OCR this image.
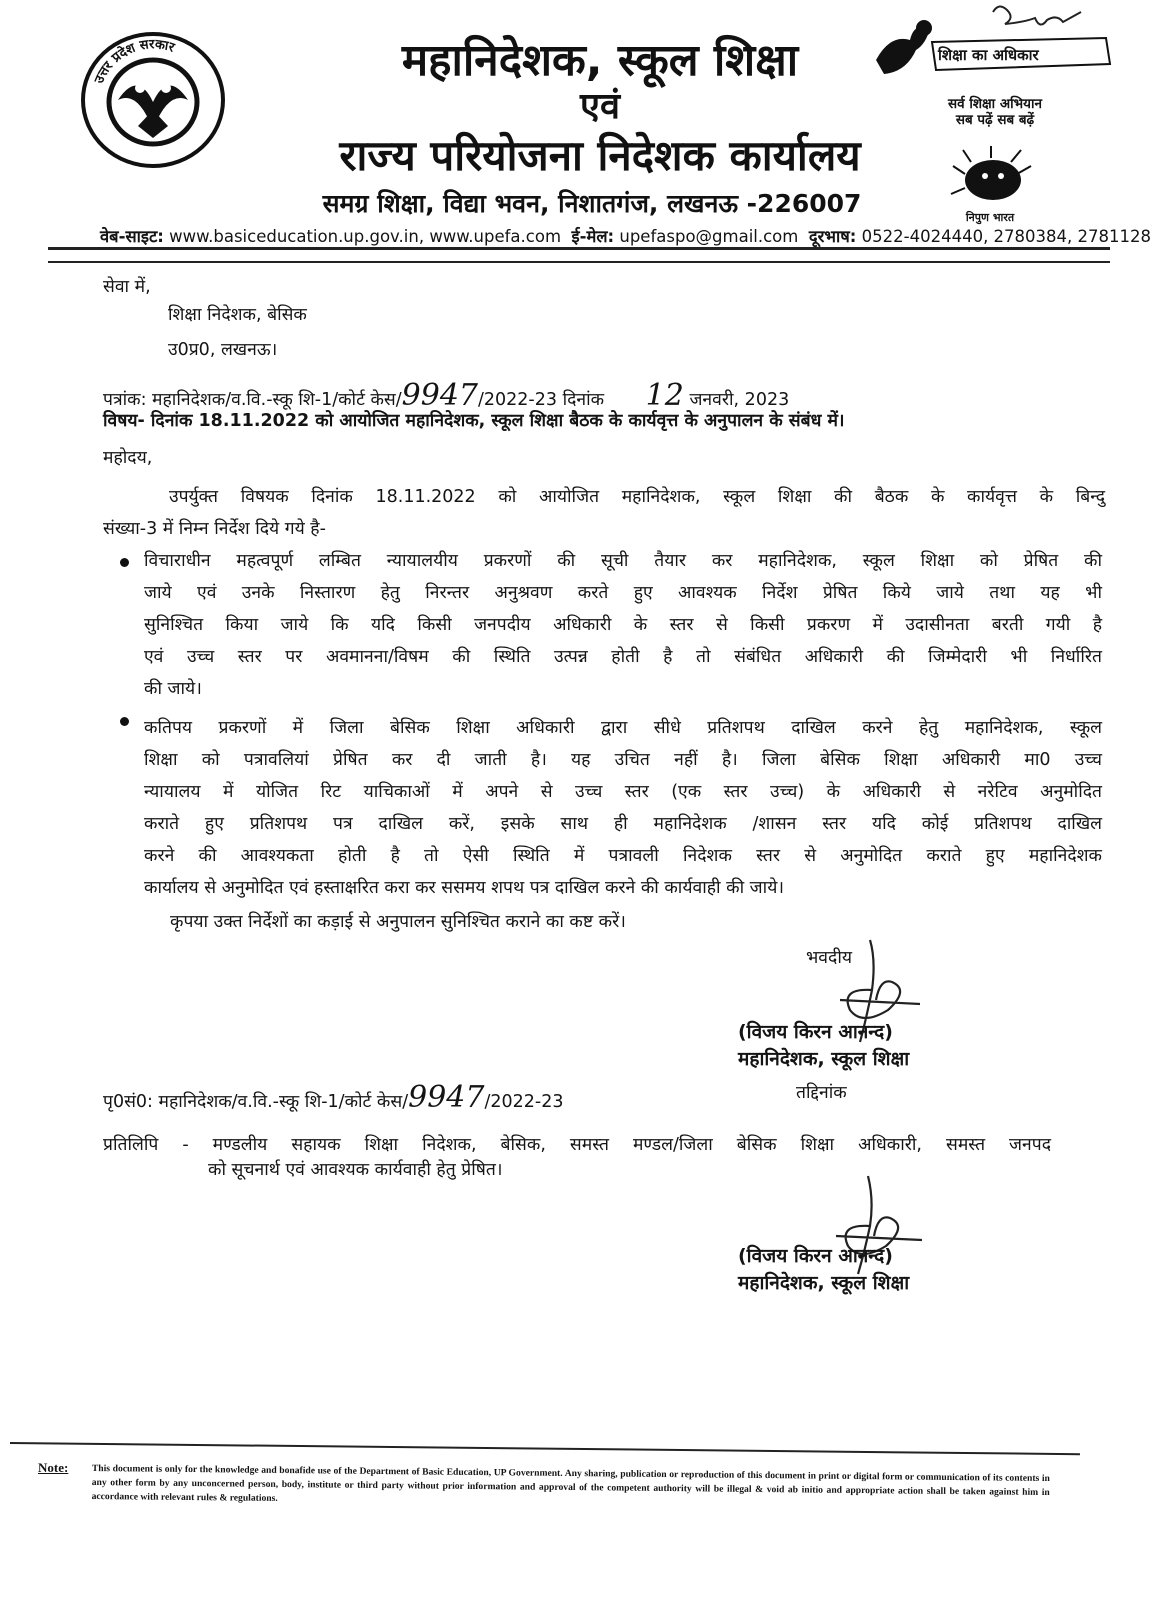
उत्तर प्रदेश सरकार	महानिदेशक, स्कूल शिक्षा
एवं
राज्य परियोजना निदेशक कार्यालय
समग्र शिक्षा, विद्या भवन, निशातगंज, लखनऊ -226007
शिक्षा का अधिकार
सर्व शिक्षा अभियान
सब पढ़ें सब बढ़ें
निपुण भारत
वेब-साइट: www.basiceducation.up.gov.in, www.upefa.com ई-मेल: upefaspo@gmail.com दूरभाष: 0522-4024440, 2780384, 2781128
सेवा में,
शिक्षा निदेशक, बेसिक
उ0प्र0, लखनऊ।
पत्रांक: महानिदेशक/व.वि.-स्कू शि-1/कोर्ट केस/9947/2022-23 दिनांक 12 जनवरी, 2023
विषय- दिनांक 18.11.2022 को आयोजित महानिदेशक, स्कूल शिक्षा बैठक के कार्यवृत्त के अनुपालन के संबंध में।
महोदय,
उपर्युक्त विषयक दिनांक 18.11.2022 को आयोजित महानिदेशक, स्कूल शिक्षा की बैठक के कार्यवृत्त के बिन्दु
संख्या-3 में निम्न निर्देश दिये गये है-
विचाराधीन महत्वपूर्ण लम्बित न्यायालयीय प्रकरणों की सूची तैयार कर महानिदेशक, स्कूल शिक्षा को प्रेषित की
जाये एवं उनके निस्तारण हेतु निरन्तर अनुश्रवण करते हुए आवश्यक निर्देश प्रेषित किये जाये तथा यह भी
सुनिश्चित किया जाये कि यदि किसी जनपदीय अधिकारी के स्तर से किसी प्रकरण में उदासीनता बरती गयी है
एवं उच्च स्तर पर अवमानना/विषम की स्थिति उत्पन्न होती है तो संबंधित अधिकारी की जिम्मेदारी भी निर्धारित
की जाये।
कतिपय प्रकरणों में जिला बेसिक शिक्षा अधिकारी द्वारा सीधे प्रतिशपथ दाखिल करने हेतु महानिदेशक, स्कूल
शिक्षा को पत्रावलियां प्रेषित कर दी जाती है। यह उचित नहीं है। जिला बेसिक शिक्षा अधिकारी मा0 उच्च
न्यायालय में योजित रिट याचिकाओं में अपने से उच्च स्तर (एक स्तर उच्च) के अधिकारी से नरेटिव अनुमोदित
कराते हुए प्रतिशपथ पत्र दाखिल करें, इसके साथ ही महानिदेशक /शासन स्तर यदि कोई प्रतिशपथ दाखिल
करने की आवश्यकता होती है तो ऐसी स्थिति में पत्रावली निदेशक स्तर से अनुमोदित कराते हुए महानिदेशक
कार्यालय से अनुमोदित एवं हस्ताक्षरित करा कर ससमय शपथ पत्र दाखिल करने की कार्यवाही की जाये।
कृपया उक्त निर्देशों का कड़ाई से अनुपालन सुनिश्चित कराने का कष्ट करें।
भवदीय
(विजय किरन आनन्द)
महानिदेशक, स्कूल शिक्षा
पृ0सं0: महानिदेशक/व.वि.-स्कू शि-1/कोर्ट केस/9947/2022-23	तद्दिनांक
प्रतिलिपि - मण्डलीय सहायक शिक्षा निदेशक, बेसिक, समस्त मण्डल/जिला बेसिक शिक्षा अधिकारी, समस्त जनपद
को सूचनार्थ एवं आवश्यक कार्यवाही हेतु प्रेषित।
(विजय किरन आनन्द)
महानिदेशक, स्कूल शिक्षा
Note: This document is only for the knowledge and bonafide use of the Department of Basic Education, UP Government. Any sharing, publication or reproduction of this document in print or digital form or communication of its contents in any other form by any unconcerned person, body, institute or third party without prior information and approval of the competent authority will be illegal & void ab initio and appropriate action shall be taken against him in accordance with relevant rules & regulations.
